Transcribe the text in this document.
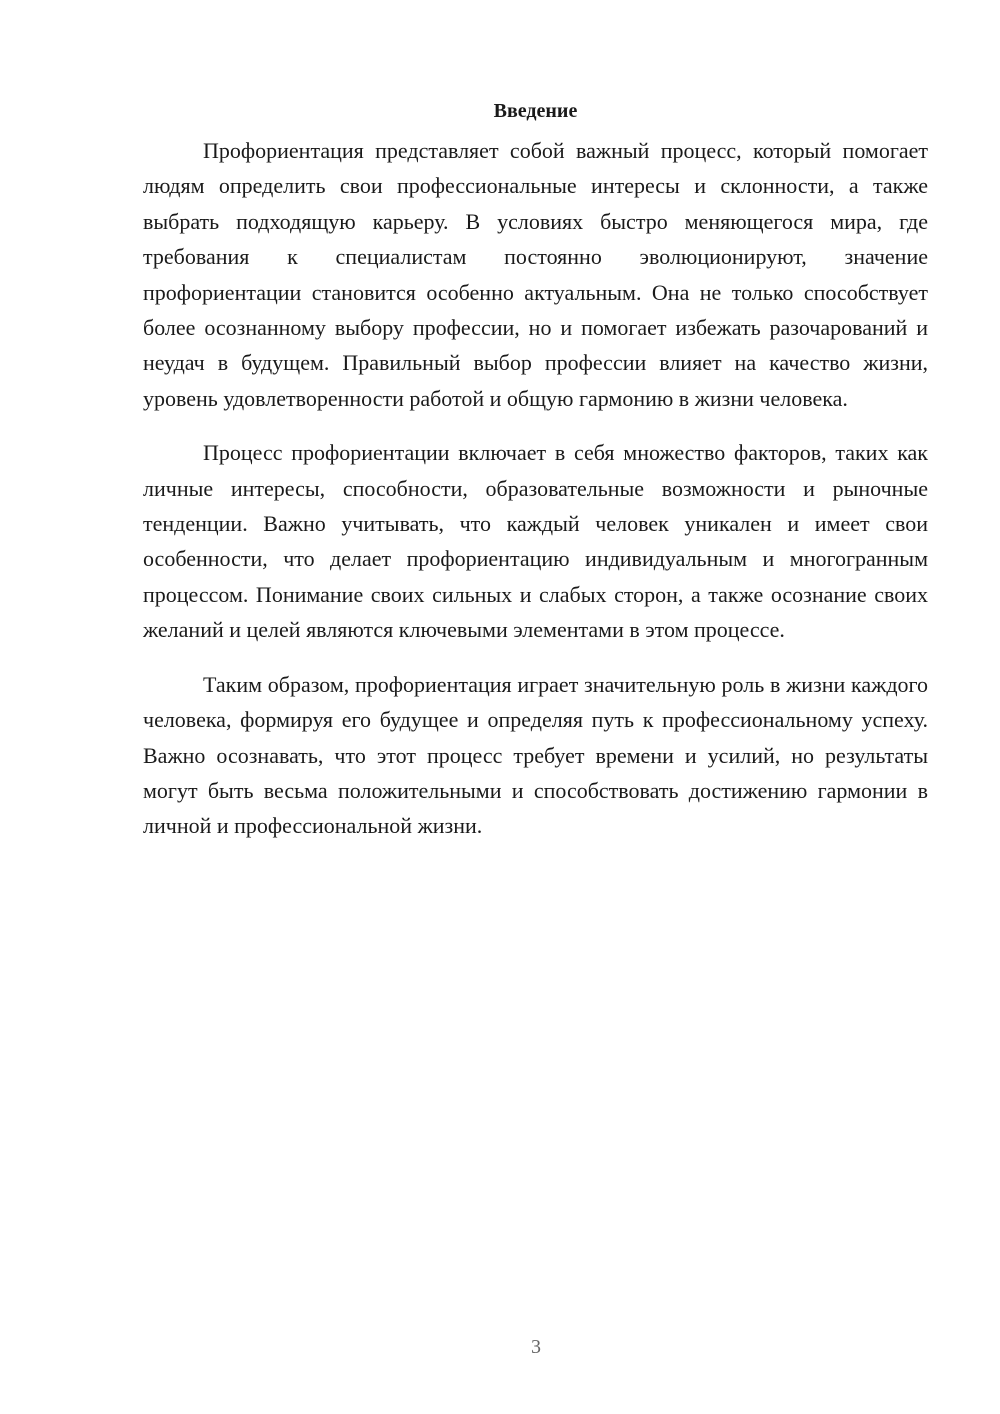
Введение

Профориентация представляет собой важный процесс, который помогает людям определить свои профессиональные интересы и склонности, а также выбрать подходящую карьеру. В условиях быстро меняющегося мира, где требования к специалистам постоянно эволюционируют, значение профориентации становится особенно актуальным. Она не только способствует более осознанному выбору профессии, но и помогает избежать разочарований и неудач в будущем. Правильный выбор профессии влияет на качество жизни, уровень удовлетворенности работой и общую гармонию в жизни человека.

Процесс профориентации включает в себя множество факторов, таких как личные интересы, способности, образовательные возможности и рыночные тенденции. Важно учитывать, что каждый человек уникален и имеет свои особенности, что делает профориентацию индивидуальным и многогранным процессом. Понимание своих сильных и слабых сторон, а также осознание своих желаний и целей являются ключевыми элементами в этом процессе.

Таким образом, профориентация играет значительную роль в жизни каждого человека, формируя его будущее и определяя путь к профессиональному успеху. Важно осознавать, что этот процесс требует времени и усилий, но результаты могут быть весьма положительными и способствовать достижению гармонии в личной и профессиональной жизни.

3
